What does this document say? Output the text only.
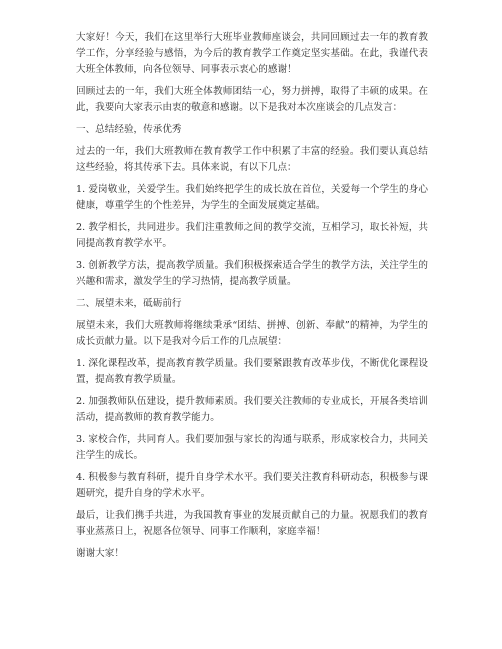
大家好！今天，我们在这里举行大班毕业教师座谈会，共同回顾过去一年的教育教学工作，分享经验与感悟，为今后的教育教学工作奠定坚实基础。在此，我谨代表大班全体教师，向各位领导、同事表示衷心的感谢！

回顾过去的一年，我们大班全体教师团结一心，努力拼搏，取得了丰硕的成果。在此，我要向大家表示由衷的敬意和感谢。以下是我对本次座谈会的几点发言：

一、总结经验，传承优秀

过去的一年，我们大班教师在教育教学工作中积累了丰富的经验。我们要认真总结这些经验，将其传承下去。具体来说，有以下几点：

1. 爱岗敬业，关爱学生。我们始终把学生的成长放在首位，关爱每一个学生的身心健康，尊重学生的个性差异，为学生的全面发展奠定基础。

2. 教学相长，共同进步。我们注重教师之间的教学交流，互相学习，取长补短，共同提高教育教学水平。

3. 创新教学方法，提高教学质量。我们积极探索适合学生的教学方法，关注学生的兴趣和需求，激发学生的学习热情，提高教学质量。

二、展望未来，砥砺前行

展望未来，我们大班教师将继续秉承“团结、拼搏、创新、奉献”的精神，为学生的成长贡献力量。以下是我对今后工作的几点展望：

1. 深化课程改革，提高教育教学质量。我们要紧跟教育改革步伐，不断优化课程设置，提高教育教学质量。

2. 加强教师队伍建设，提升教师素质。我们要关注教师的专业成长，开展各类培训活动，提高教师的教育教学能力。

3. 家校合作，共同育人。我们要加强与家长的沟通与联系，形成家校合力，共同关注学生的成长。

4. 积极参与教育科研，提升自身学术水平。我们要关注教育科研动态，积极参与课题研究，提升自身的学术水平。

最后，让我们携手共进，为我国教育事业的发展贡献自己的力量。祝愿我们的教育事业蒸蒸日上，祝愿各位领导、同事工作顺利，家庭幸福！

谢谢大家！
